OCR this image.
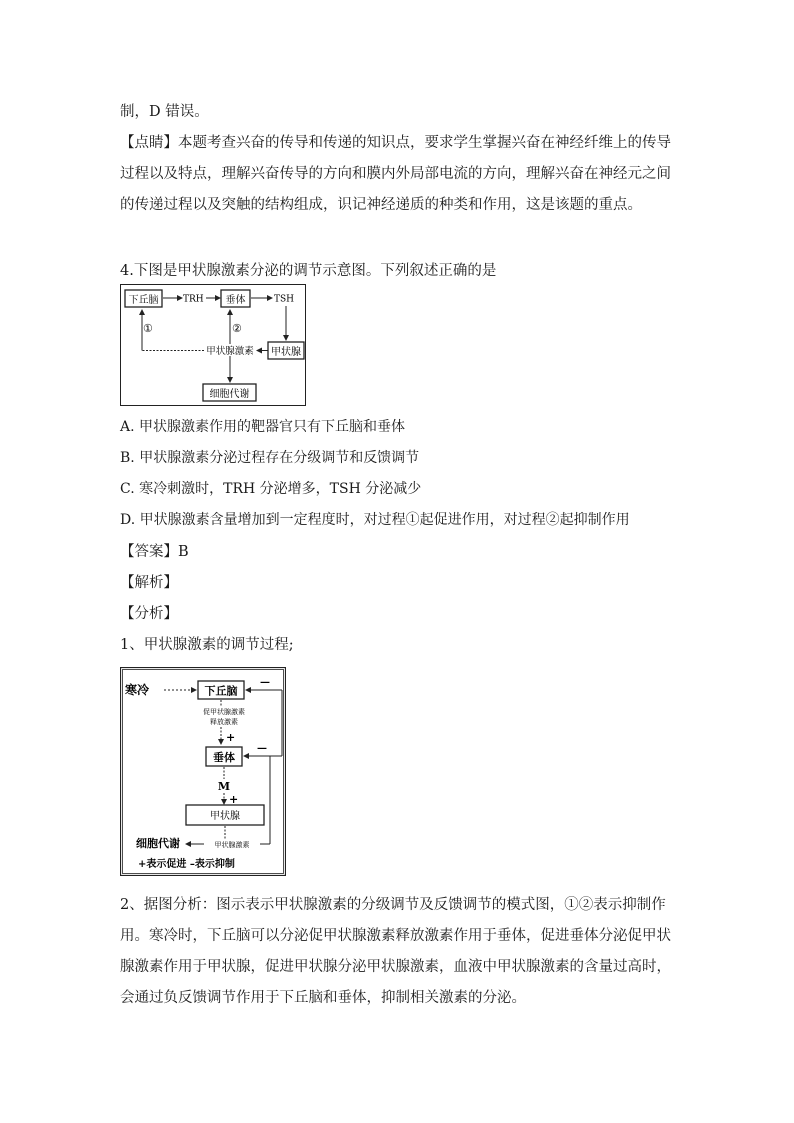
制，D 错误。
【点睛】本题考查兴奋的传导和传递的知识点，要求学生掌握兴奋在神经纤维上的传导过程以及特点，理解兴奋传导的方向和膜内外局部电流的方向，理解兴奋在神经元之间的传递过程以及突触的结构组成，识记神经递质的种类和作用，这是该题的重点。
4.下图是甲状腺激素分泌的调节示意图。下列叙述正确的是
下丘脑	TRH 垂体	TSH
甲状腺
甲状腺激素
①	②
细胞代谢
A. 甲状腺激素作用的靶器官只有下丘脑和垂体
B. 甲状腺激素分泌过程存在分级调节和反馈调节
C. 寒冷刺激时，TRH 分泌增多，TSH 分泌减少
D. 甲状腺激素含量增加到一定程度时，对过程①起促进作用，对过程②起抑制作用
【答案】B
【解析】
【分析】
1、甲状腺激素的调节过程;
寒冷	下丘脑
促甲状腺激素
释放激素
+
垂体
M
+
甲状腺
细胞代谢	甲状腺激素
—
—
+表示促进 –表示抑制
2、据图分析：图示表示甲状腺激素的分级调节及反馈调节的模式图，①②表示抑制作用。寒冷时，下丘脑可以分泌促甲状腺激素释放激素作用于垂体，促进垂体分泌促甲状腺激素作用于甲状腺，促进甲状腺分泌甲状腺激素，血液中甲状腺激素的含量过高时，会通过负反馈调节作用于下丘脑和垂体，抑制相关激素的分泌。
